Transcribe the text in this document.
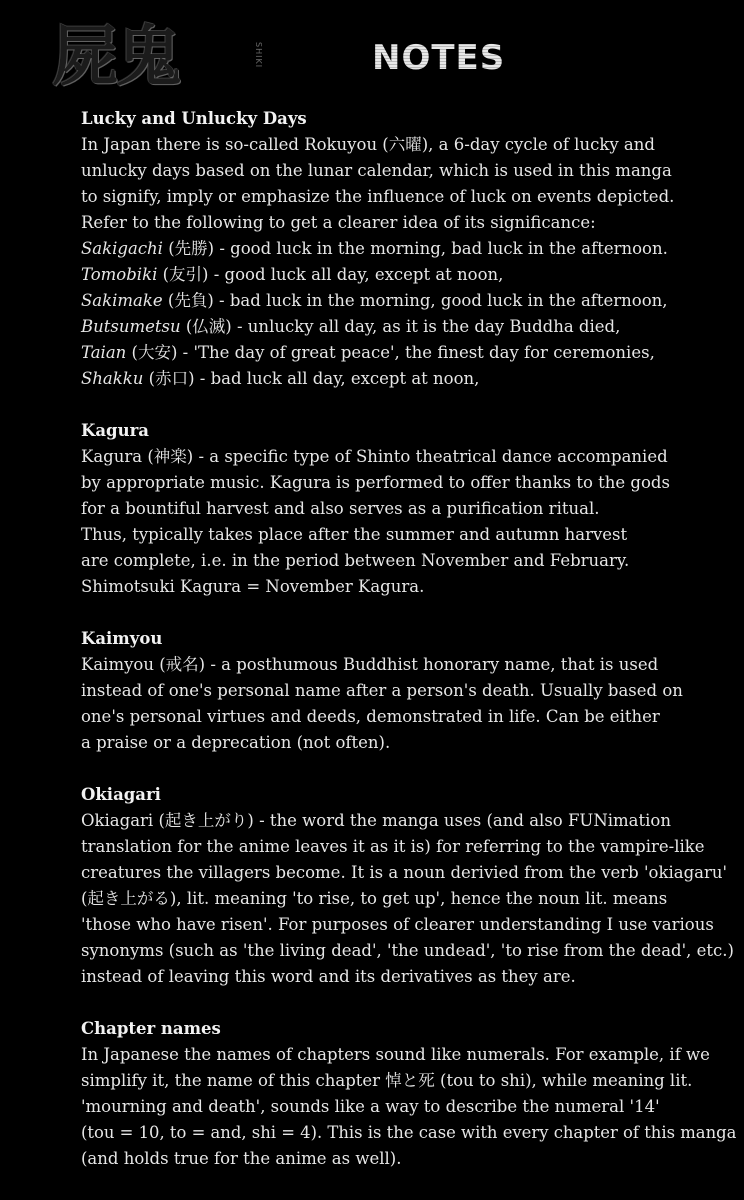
屍鬼	SHIKI	NOTES
Lucky and Unlucky Days
In Japan there is so-called Rokuyou (六曜), a 6-day cycle of lucky and
unlucky days based on the lunar calendar, which is used in this manga
to signify, imply or emphasize the influence of luck on events depicted.
Refer to the following to get a clearer idea of its significance:
Sakigachi (先勝) - good luck in the morning, bad luck in the afternoon.
Tomobiki (友引) - good luck all day, except at noon,
Sakimake (先負) - bad luck in the morning, good luck in the afternoon,
Butsumetsu (仏滅) - unlucky all day, as it is the day Buddha died,
Taian (大安) - 'The day of great peace', the finest day for ceremonies,
Shakku (赤口) - bad luck all day, except at noon,
Kagura
Kagura (神楽) - a specific type of Shinto theatrical dance accompanied
by appropriate music. Kagura is performed to offer thanks to the gods
for a bountiful harvest and also serves as a purification ritual.
Thus, typically takes place after the summer and autumn harvest
are complete, i.e. in the period between November and February.
Shimotsuki Kagura = November Kagura.
Kaimyou
Kaimyou (戒名) - a posthumous Buddhist honorary name, that is used
instead of one's personal name after a person's death. Usually based on
one's personal virtues and deeds, demonstrated in life. Can be either
a praise or a deprecation (not often).
Okiagari
Okiagari (起き上がり) - the word the manga uses (and also FUNimation
translation for the anime leaves it as it is) for referring to the vampire-like
creatures the villagers become. It is a noun derivied from the verb 'okiagaru'
(起き上がる), lit. meaning 'to rise, to get up', hence the noun lit. means
'those who have risen'. For purposes of clearer understanding I use various
synonyms (such as 'the living dead', 'the undead', 'to rise from the dead', etc.)
instead of leaving this word and its derivatives as they are.
Chapter names
In Japanese the names of chapters sound like numerals. For example, if we
simplify it, the name of this chapter 悼と死 (tou to shi), while meaning lit.
'mourning and death', sounds like a way to describe the numeral '14'
(tou = 10, to = and, shi = 4). This is the case with every chapter of this manga
(and holds true for the anime as well).
